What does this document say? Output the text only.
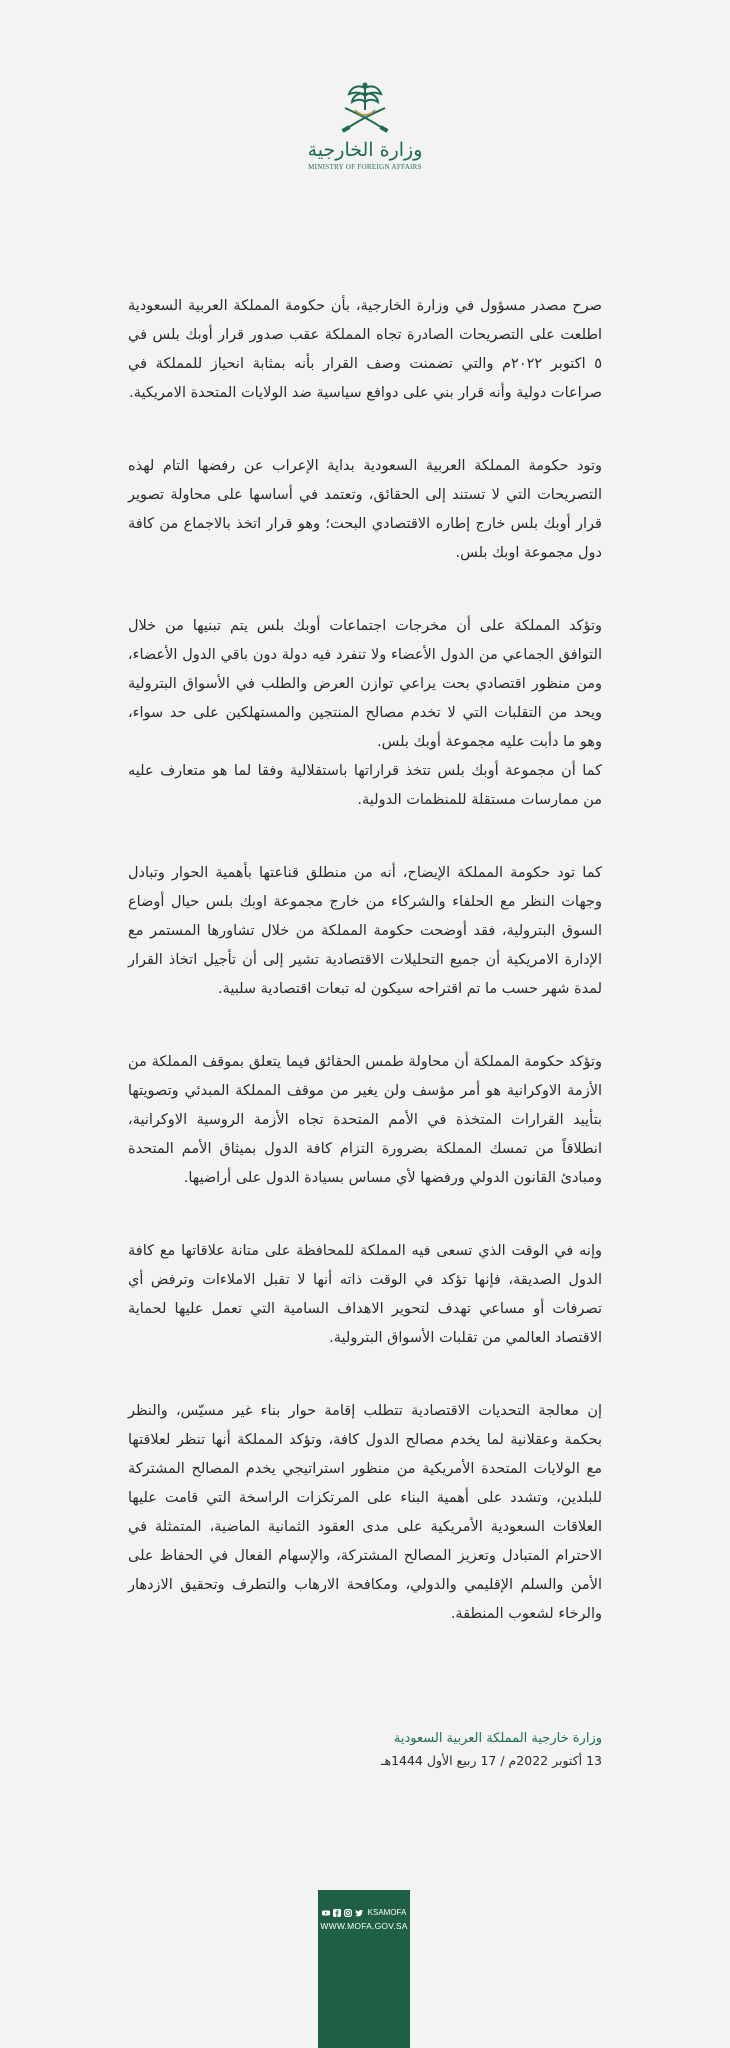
وزارة الخارجية
MINISTRY OF FOREIGN AFFAIRS

صرح مصدر مسؤول في وزارة الخارجية، بأن حكومة المملكة العربية السعودية اطلعت على التصريحات الصادرة تجاه المملكة عقب صدور قرار أوبك بلس في ٥ اكتوبر ٢٠٢٢م والتي تضمنت وصف القرار بأنه بمثابة انحياز للمملكة في صراعات دولية وأنه قرار بني على دوافع سياسية ضد الولايات المتحدة الامريكية.

وتود حكومة المملكة العربية السعودية بداية الإعراب عن رفضها التام لهذه التصريحات التي لا تستند إلى الحقائق، وتعتمد في أساسها على محاولة تصوير قرار أوبك بلس خارج إطاره الاقتصادي البحت؛ وهو قرار اتخذ بالاجماع من كافة دول مجموعة اوبك بلس.

وتؤكد المملكة على أن مخرجات اجتماعات أوبك بلس يتم تبنيها من خلال التوافق الجماعي من الدول الأعضاء ولا تنفرد فيه دولة دون باقي الدول الأعضاء، ومن منظور اقتصادي بحت يراعي توازن العرض والطلب في الأسواق البترولية ويحد من التقلبات التي لا تخدم مصالح المنتجين والمستهلكين على حد سواء، وهو ما دأبت عليه مجموعة أوبك بلس.

كما أن مجموعة أوبك بلس تتخذ قراراتها باستقلالية وفقا لما هو متعارف عليه من ممارسات مستقلة للمنظمات الدولية.

كما تود حكومة المملكة الإيضاح، أنه من منطلق قناعتها بأهمية الحوار وتبادل وجهات النظر مع الحلفاء والشركاء من خارج مجموعة اوبك بلس حيال أوضاع السوق البترولية، فقد أوضحت حكومة المملكة من خلال تشاورها المستمر مع الإدارة الامريكية أن جميع التحليلات الاقتصادية تشير إلى أن تأجيل اتخاذ القرار لمدة شهر حسب ما تم اقتراحه سيكون له تبعات اقتصادية سلبية.

وتؤكد حكومة المملكة أن محاولة طمس الحقائق فيما يتعلق بموقف المملكة من الأزمة الاوكرانية هو أمر مؤسف ولن يغير من موقف المملكة المبدئي وتصويتها بتأييد القرارات المتخذة في الأمم المتحدة تجاه الأزمة الروسية الاوكرانية، انطلاقاً من تمسك المملكة بضرورة التزام كافة الدول بميثاق الأمم المتحدة ومبادئ القانون الدولي ورفضها لأي مساس بسيادة الدول على أراضيها.

وإنه في الوقت الذي تسعى فيه المملكة للمحافظة على متانة علاقاتها مع كافة الدول الصديقة، فإنها تؤكد في الوقت ذاته أنها لا تقبل الاملاءات وترفض أي تصرفات أو مساعي تهدف لتحوير الاهداف السامية التي تعمل عليها لحماية الاقتصاد العالمي من تقلبات الأسواق البترولية.

إن معالجة التحديات الاقتصادية تتطلب إقامة حوار بناء غير مسيّس، والنظر بحكمة وعقلانية لما يخدم مصالح الدول كافة، وتؤكد المملكة أنها تنظر لعلاقتها مع الولايات المتحدة الأمريكية من منظور استراتيجي يخدم المصالح المشتركة للبلدين، وتشدد على أهمية البناء على المرتكزات الراسخة التي قامت عليها العلاقات السعودية الأمريكية على مدى العقود الثمانية الماضية، المتمثلة في الاحترام المتبادل وتعزيز المصالح المشتركة، والإسهام الفعال في الحفاظ على الأمن والسلم الإقليمي والدولي، ومكافحة الارهاب والتطرف وتحقيق الازدهار والرخاء لشعوب المنطقة.

وزارة خارجية المملكة العربية السعودية
13 أكتوبر 2022م / 17 ربيع الأول 1444هـ
KSAMOFA
WWW.MOFA.GOV.SA
